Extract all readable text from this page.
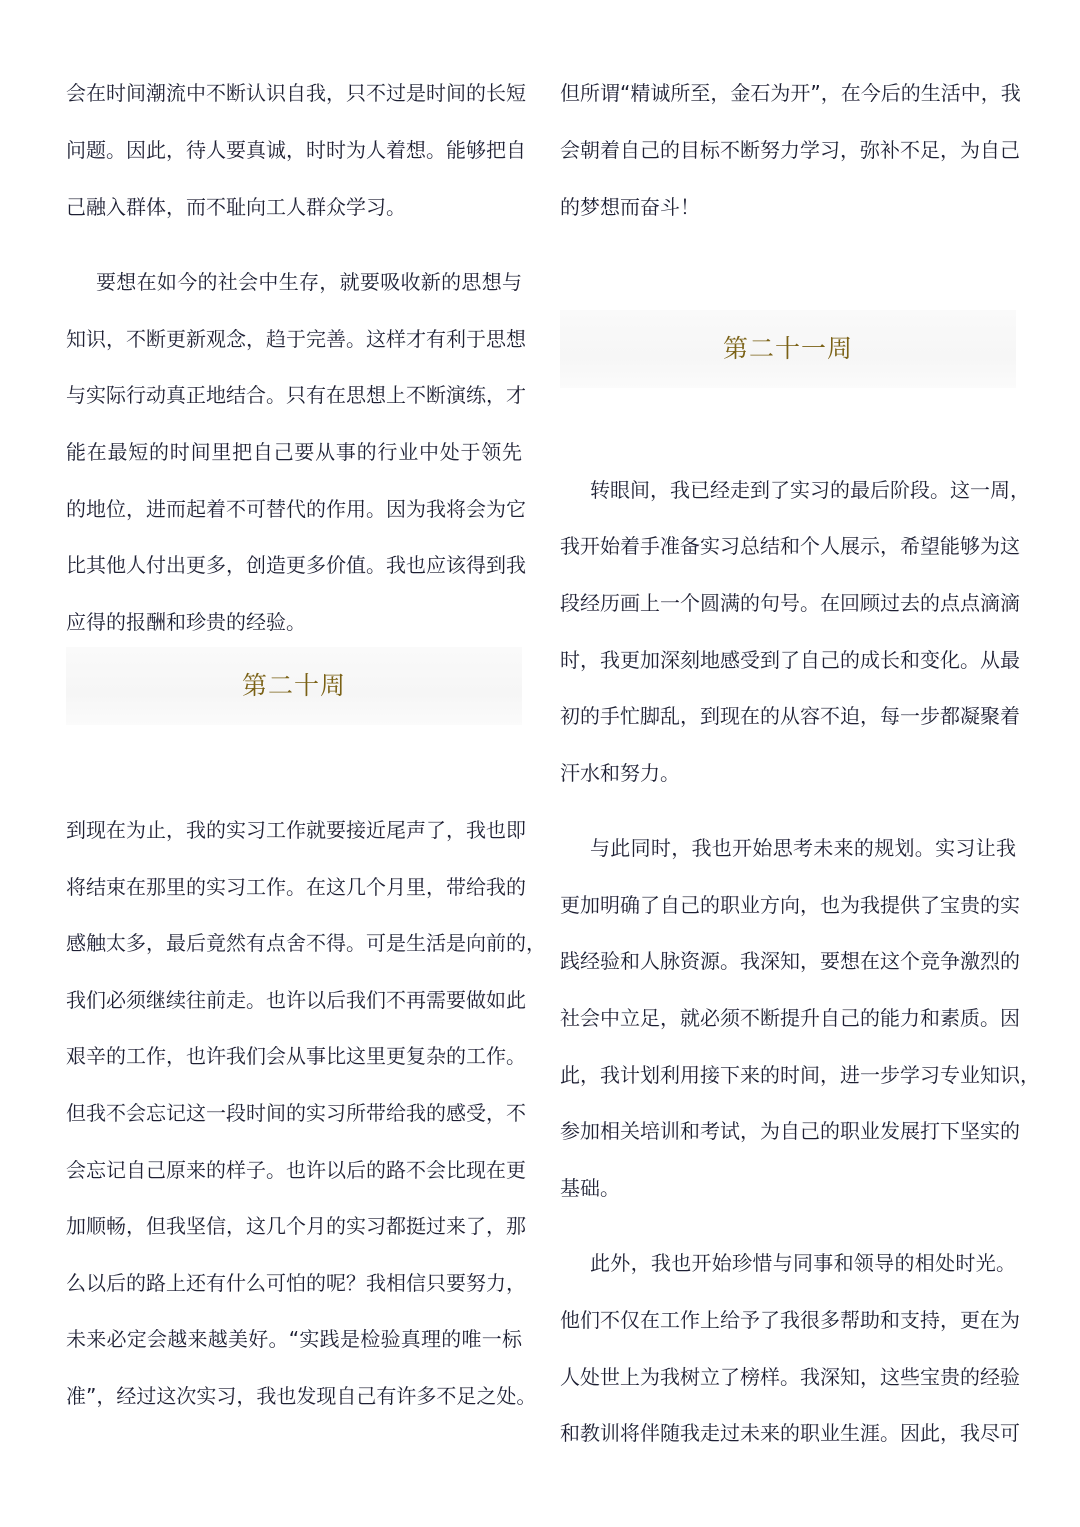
会在时间潮流中不断认识自我，只不过是时间的长短
问题。因此，待人要真诚，时时为人着想。能够把自
己融入群体，而不耻向工人群众学习。
要想在如今的社会中生存，就要吸收新的思想与
知识，不断更新观念，趋于完善。这样才有利于思想
与实际行动真正地结合。只有在思想上不断演练，才
能在最短的时间里把自己要从事的行业中处于领先
的地位，进而起着不可替代的作用。因为我将会为它
比其他人付出更多，创造更多价值。我也应该得到我
应得的报酬和珍贵的经验。
第二十周
到现在为止，我的实习工作就要接近尾声了，我也即
将结束在那里的实习工作。在这几个月里，带给我的
感触太多，最后竟然有点舍不得。可是生活是向前的，
我们必须继续往前走。也许以后我们不再需要做如此
艰辛的工作，也许我们会从事比这里更复杂的工作。
但我不会忘记这一段时间的实习所带给我的感受，不
会忘记自己原来的样子。也许以后的路不会比现在更
加顺畅，但我坚信，这几个月的实习都挺过来了，那
么以后的路上还有什么可怕的呢？我相信只要努力，
未来必定会越来越美好。“实践是检验真理的唯一标
准”，经过这次实习，我也发现自己有许多不足之处。
但所谓“精诚所至，金石为开”，在今后的生活中，我
会朝着自己的目标不断努力学习，弥补不足，为自己
的梦想而奋斗！
第二十一周
转眼间，我已经走到了实习的最后阶段。这一周，
我开始着手准备实习总结和个人展示，希望能够为这
段经历画上一个圆满的句号。在回顾过去的点点滴滴
时，我更加深刻地感受到了自己的成长和变化。从最
初的手忙脚乱，到现在的从容不迫，每一步都凝聚着
汗水和努力。
与此同时，我也开始思考未来的规划。实习让我
更加明确了自己的职业方向，也为我提供了宝贵的实
践经验和人脉资源。我深知，要想在这个竞争激烈的
社会中立足，就必须不断提升自己的能力和素质。因
此，我计划利用接下来的时间，进一步学习专业知识，
参加相关培训和考试，为自己的职业发展打下坚实的
基础。
此外，我也开始珍惜与同事和领导的相处时光。
他们不仅在工作上给予了我很多帮助和支持，更在为
人处世上为我树立了榜样。我深知，这些宝贵的经验
和教训将伴随我走过未来的职业生涯。因此，我尽可
